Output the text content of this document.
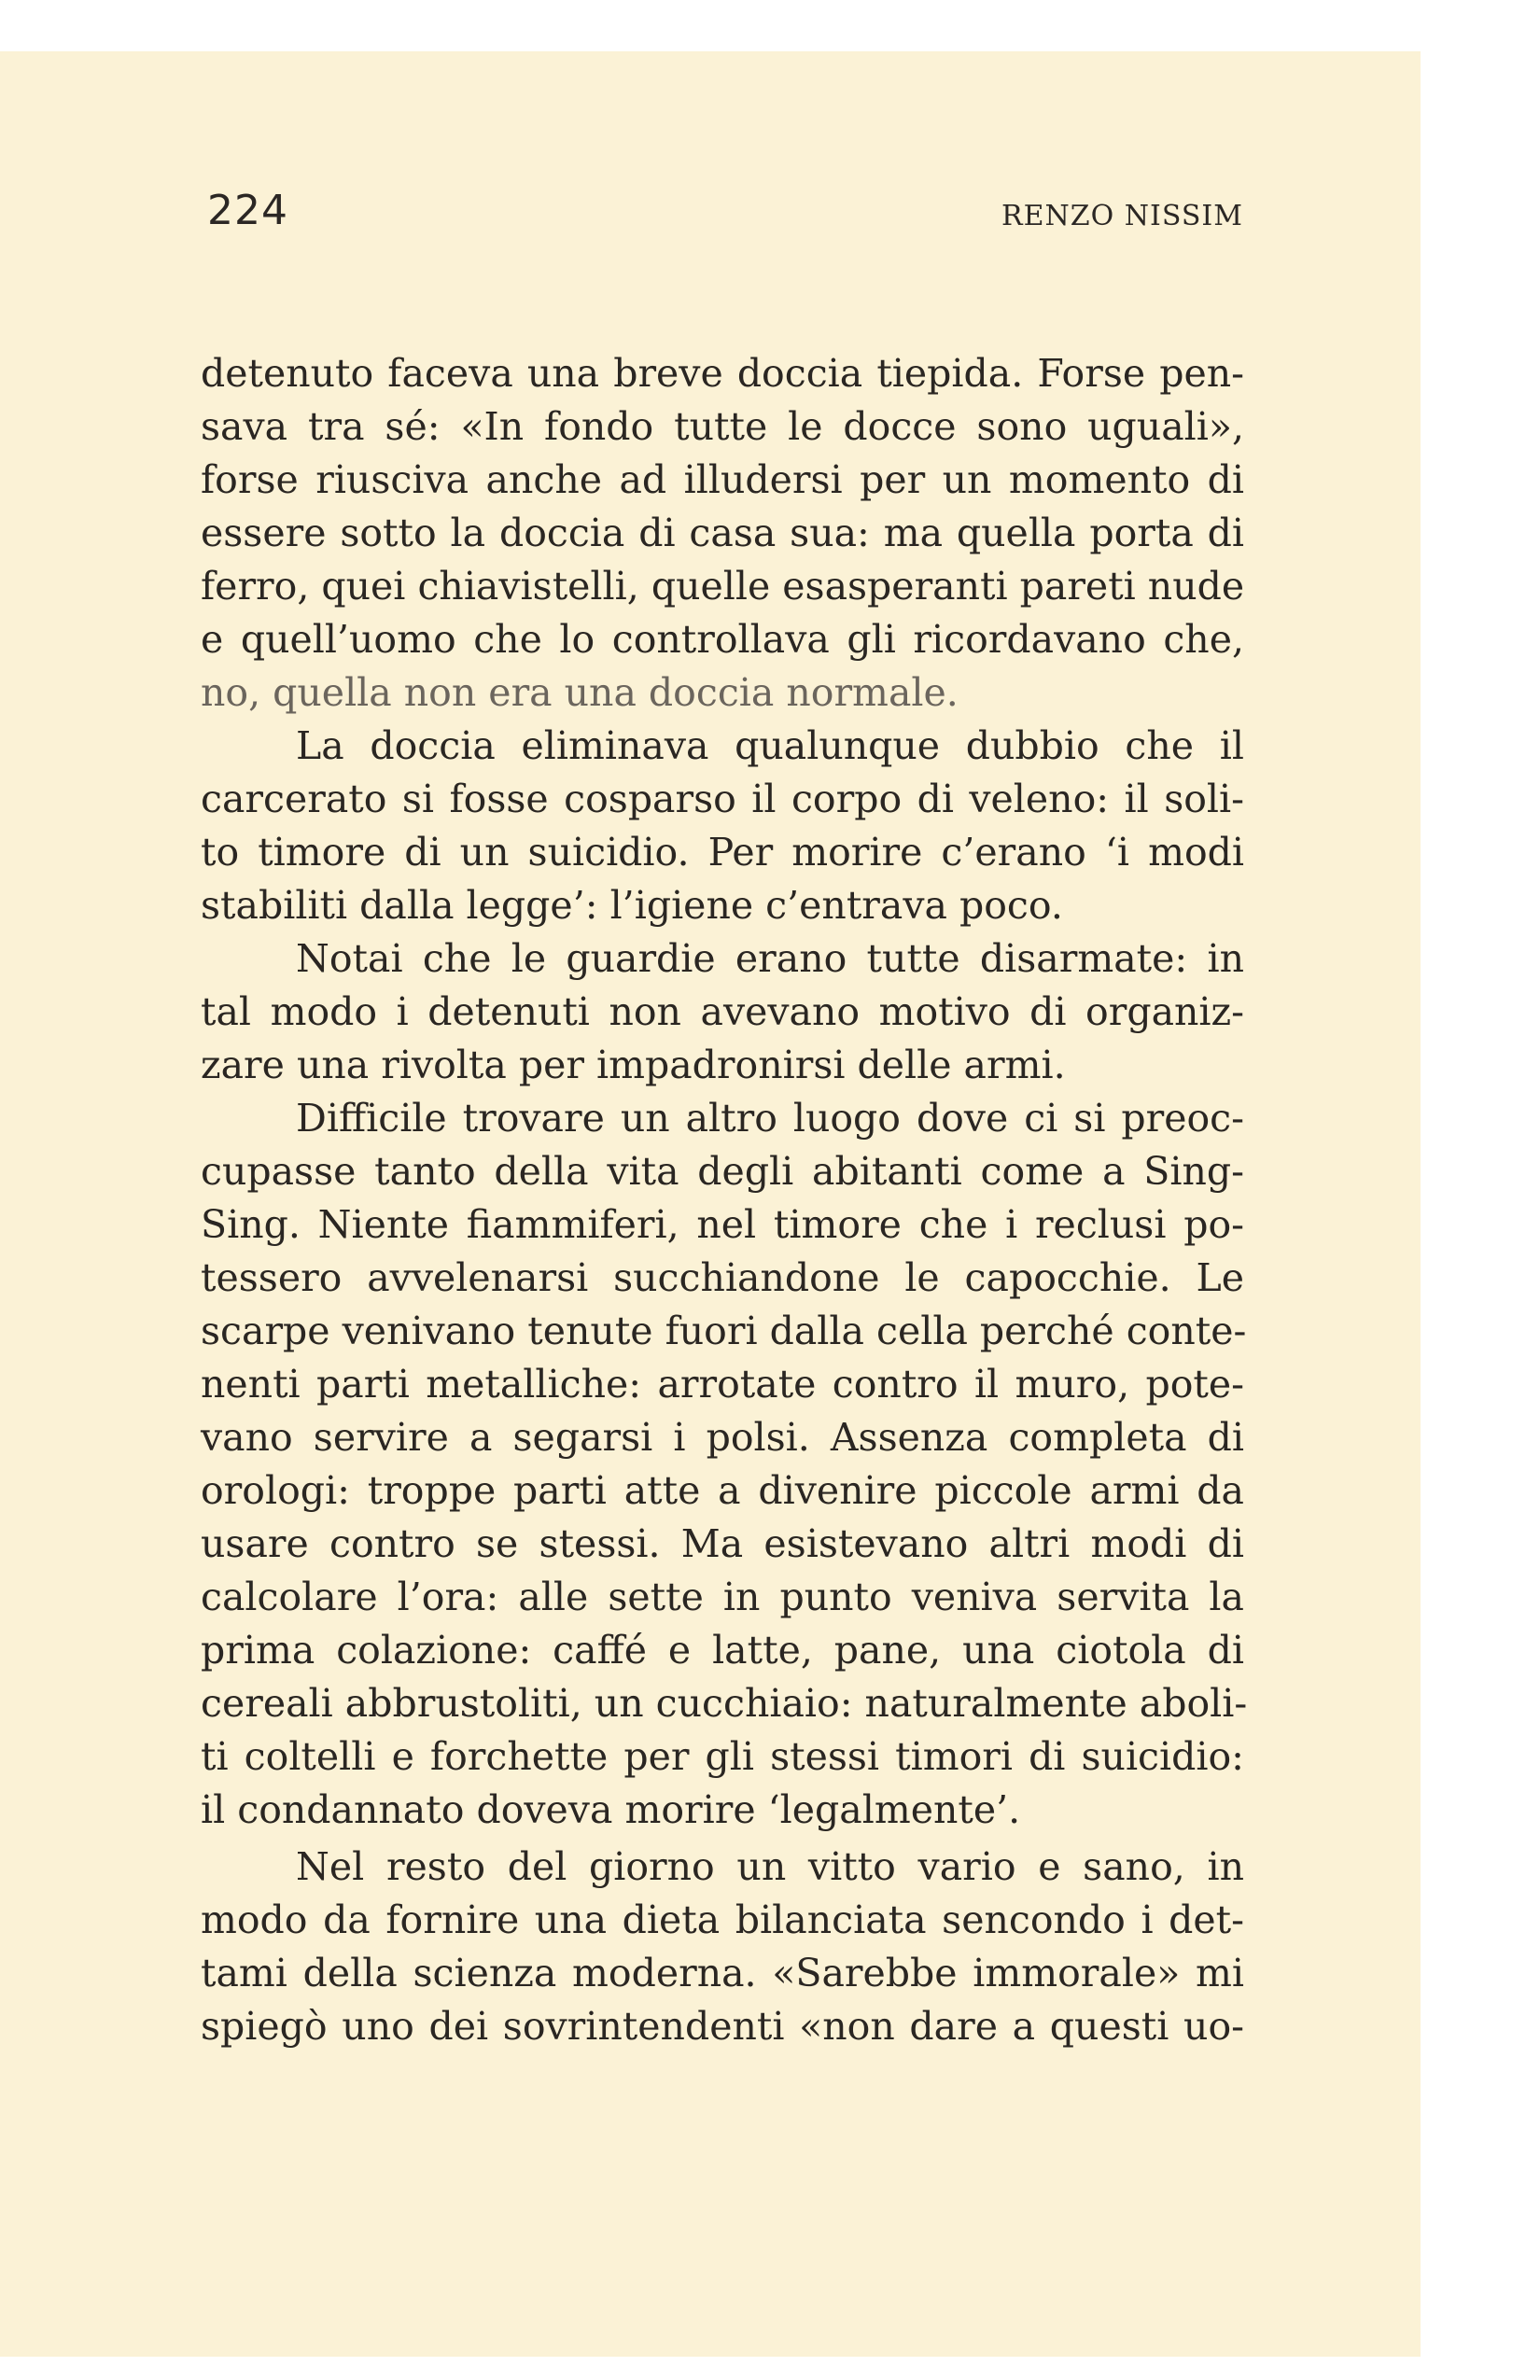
224	RENZO NISSIM
detenuto faceva una breve doccia tiepida. Forse pen-
sava tra sé: «In fondo tutte le docce sono uguali»,
forse riusciva anche ad illudersi per un momento di
essere sotto la doccia di casa sua: ma quella porta di
ferro, quei chiavistelli, quelle esasperanti pareti nude
e quell’uomo che lo controllava gli ricordavano che,
no, quella non era una doccia normale.
La doccia eliminava qualunque dubbio che il
carcerato si fosse cosparso il corpo di veleno: il soli-
to timore di un suicidio. Per morire c’erano ‘i modi
stabiliti dalla legge’: l’igiene c’entrava poco.
Notai che le guardie erano tutte disarmate: in
tal modo i detenuti non avevano motivo di organiz-
zare una rivolta per impadronirsi delle armi.
Difficile trovare un altro luogo dove ci si preoc-
cupasse tanto della vita degli abitanti come a Sing-
Sing. Niente fiammiferi, nel timore che i reclusi po-
tessero avvelenarsi succhiandone le capocchie. Le
scarpe venivano tenute fuori dalla cella perché conte-
nenti parti metalliche: arrotate contro il muro, pote-
vano servire a segarsi i polsi. Assenza completa di
orologi: troppe parti atte a divenire piccole armi da
usare contro se stessi. Ma esistevano altri modi di
calcolare l’ora: alle sette in punto veniva servita la
prima colazione: caffé e latte, pane, una ciotola di
cereali abbrustoliti, un cucchiaio: naturalmente aboli-
ti coltelli e forchette per gli stessi timori di suicidio:
il condannato doveva morire ‘legalmente’.
Nel resto del giorno un vitto vario e sano, in
modo da fornire una dieta bilanciata sencondo i det-
tami della scienza moderna. «Sarebbe immorale» mi
spiegò uno dei sovrintendenti «non dare a questi uo-
